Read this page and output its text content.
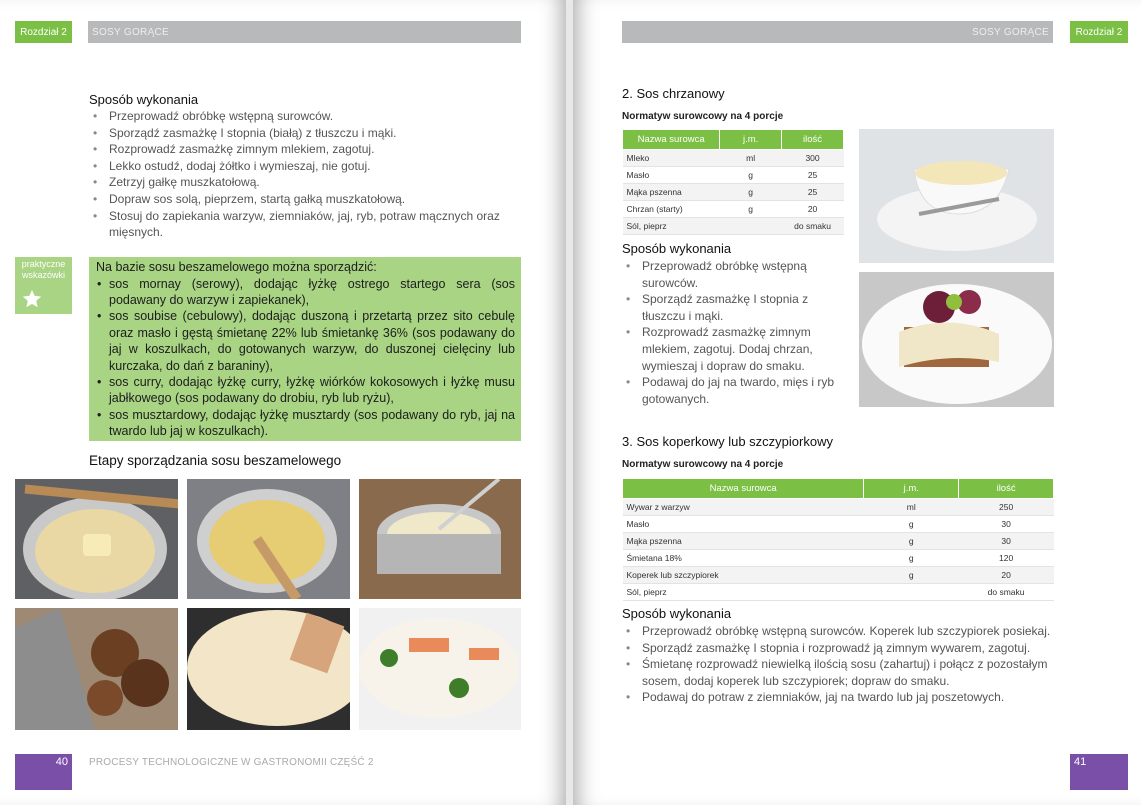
Rozdział 2	SOSY GORĄCE
Sposób wykonania
• Przeprowadź obróbkę wstępną surowców.
• Sporządź zasmażkę I stopnia (białą) z tłuszczu i mąki.
• Rozprowadź zasmażkę zimnym mlekiem, zagotuj.
• Lekko ostudź, dodaj żółtko i wymieszaj, nie gotuj.
• Zetrzyj gałkę muszkatołową.
• Dopraw sos solą, pieprzem, startą gałką muszkatołową.
• Stosuj do zapiekania warzyw, ziemniaków, jaj, ryb, potraw mącznych oraz mięsnych.
praktyczne
wskazówki
Na bazie sosu beszamelowego można sporządzić:
• sos mornay (serowy), dodając łyżkę ostrego startego sera (sos podawany do warzyw i zapiekanek),
• sos soubise (cebulowy), dodając duszoną i przetartą przez sito cebulę oraz masło i gęstą śmietanę 22% lub śmietankę 36% (sos podawany do jaj w koszulkach, do gotowanych warzyw, do duszonej cielęciny lub kurczaka, do dań z baraniny),
• sos curry, dodając łyżkę curry, łyżkę wiórków kokosowych i łyżkę musu jabłkowego (sos podawany do drobiu, ryb lub ryżu),
• sos musztardowy, dodając łyżkę musztardy (sos podawany do ryb, jaj na twardo lub jaj w koszulkach).
Etapy sporządzania sosu beszamelowego
40 PROCESY TECHNOLOGICZNE W GASTRONOMII CZĘŚĆ 2
SOSY GORĄCE	Rozdział 2
2. Sos chrzanowy
Normatyw surowcowy na 4 porcje
Nazwa surowca	j.m.	ilość
Mleko	ml	300
Masło	g	25
Mąka pszenna	g	25
Chrzan (starty)	g	20
Sól, pieprz		do smaku
Sposób wykonania
• Przeprowadź obróbkę wstępną surowców.
• Sporządź zasmażkę I stopnia z tłuszczu i mąki.
• Rozprowadź zasmażkę zimnym mlekiem, zagotuj. Dodaj chrzan, wymieszaj i dopraw do smaku.
• Podawaj do jaj na twardo, mięs i ryb gotowanych.
3. Sos koperkowy lub szczypiorkowy
Normatyw surowcowy na 4 porcje
Nazwa surowca	j.m.	ilość
Wywar z warzyw	ml	250
Masło	g	30
Mąka pszenna	g	30
Śmietana 18%	g	120
Koperek lub szczypiorek	g	20
Sól, pieprz		do smaku
Sposób wykonania
• Przeprowadź obróbkę wstępną surowców. Koperek lub szczypiorek posiekaj.
• Sporządź zasmażkę I stopnia i rozprowadź ją zimnym wywarem, zagotuj.
• Śmietanę rozprowadź niewielką ilością sosu (zahartuj) i połącz z pozostałym sosem, dodaj koperek lub szczypiorek; dopraw do smaku.
• Podawaj do potraw z ziemniaków, jaj na twardo lub jaj poszetowych.
41
